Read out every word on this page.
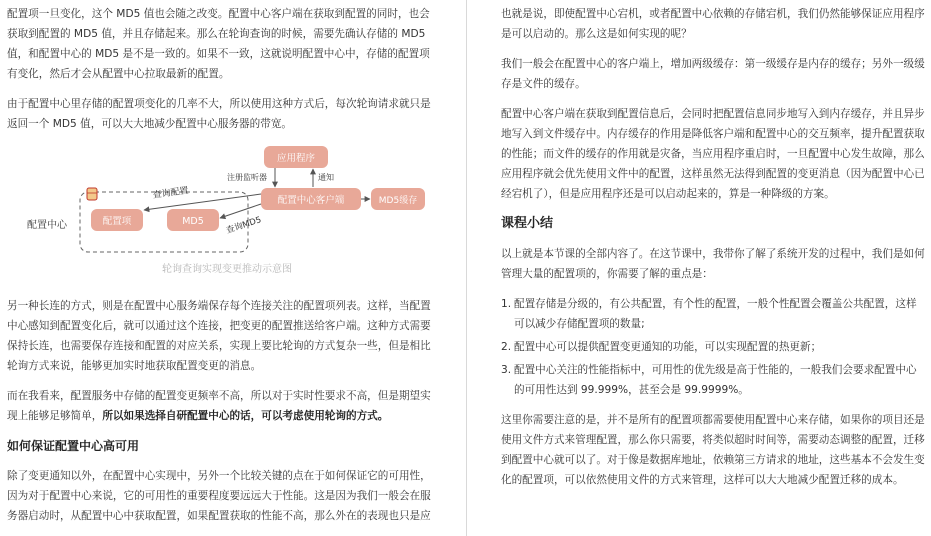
配置项一旦变化，这个 MD5 值也会随之改变。配置中心客户端在获取到配置的同时，也会获取到配置的 MD5 值，并且存储起来。那么在轮询查询的时候，需要先确认存储的 MD5 值，和配置中心的 MD5 是不是一致的。如果不一致，这就说明配置中心中，存储的配置项有变化，然后才会从配置中心拉取最新的配置。

由于配置中心里存储的配置项变化的几率不大，所以使用这种方式后，每次轮询请求就只是返回一个 MD5 值，可以大大地减少配置中心服务器的带宽。

配置中心	配置项	MD5
配置中心客户端
应用程序
MD5缓存
查询配置
查询MD5
注册监听器	通知
轮询查询实现变更推动示意图

另一种长连的方式，则是在配置中心服务端保存每个连接关注的配置项列表。这样，当配置中心感知到配置变化后，就可以通过这个连接，把变更的配置推送给客户端。这种方式需要保持长连，也需要保存连接和配置的对应关系，实现上要比轮询的方式复杂一些，但是相比轮询方式来说，能够更加实时地获取配置变更的消息。

而在我看来，配置服务中存储的配置变更频率不高，所以对于实时性要求不高，但是期望实现上能够足够简单，所以如果选择自研配置中心的话，可以考虑使用轮询的方式。

如何保证配置中心高可用

除了变更通知以外，在配置中心实现中，另外一个比较关键的点在于如何保证它的可用性，因为对于配置中心来说，它的可用性的重要程度要远远大于性能。这是因为我们一般会在服务器启动时，从配置中心中获取配置，如果配置获取的性能不高，那么外在的表现也只是应

也就是说，即使配置中心宕机，或者配置中心依赖的存储宕机，我们仍然能够保证应用程序是可以启动的。那么这是如何实现的呢？

我们一般会在配置中心的客户端上，增加两级缓存：第一级缓存是内存的缓存；另外一级缓存是文件的缓存。

配置中心客户端在获取到配置信息后，会同时把配置信息同步地写入到内存缓存，并且异步地写入到文件缓存中。内存缓存的作用是降低客户端和配置中心的交互频率，提升配置获取的性能；而文件的缓存的作用就是灾备，当应用程序重启时，一旦配置中心发生故障，那么应用程序就会优先使用文件中的配置，这样虽然无法得到配置的变更消息（因为配置中心已经宕机了），但是应用程序还是可以启动起来的，算是一种降级的方案。

课程小结

以上就是本节课的全部内容了。在这节课中，我带你了解了系统开发的过程中，我们是如何管理大量的配置项的，你需要了解的重点是：

1. 配置存储是分级的，有公共配置，有个性的配置，一般个性配置会覆盖公共配置，这样可以减少存储配置项的数量;
2. 配置中心可以提供配置变更通知的功能，可以实现配置的热更新；
3. 配置中心关注的性能指标中，可用性的优先级是高于性能的，一般我们会要求配置中心的可用性达到 99.999%，甚至会是 99.9999%。

这里你需要注意的是，并不是所有的配置项都需要使用配置中心来存储，如果你的项目还是使用文件方式来管理配置，那么你只需要，将类似超时时间等，需要动态调整的配置，迁移到配置中心就可以了。对于像是数据库地址，依赖第三方请求的地址，这些基本不会发生变化的配置项，可以依然使用文件的方式来管理，这样可以大大地减少配置迁移的成本。
